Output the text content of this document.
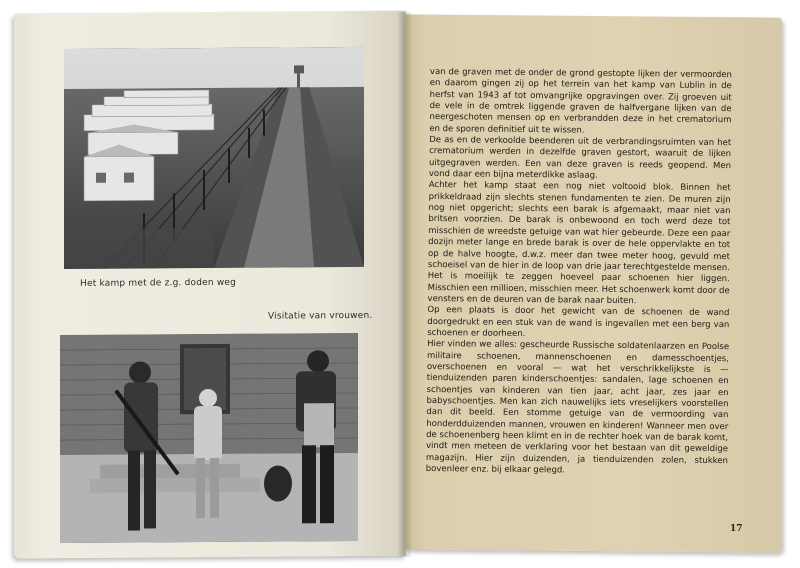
Het kamp met de z.g. doden weg
Visitatie van vrouwen.

van de graven met de onder de grond gestopte lijken der vermoorden en daarom gingen zij op het terrein van het kamp van Lublin in de herfst van 1943 af tot omvangrijke opgravingen over. Zij groeven uit de vele in de omtrek liggende graven de halfvergane lijken van de neergeschoten mensen op en verbrandden deze in het crematorium en de sporen definitief uit te wissen.

De as en de verkoolde beenderen uit de verbrandingsruimten van het crematorium werden in dezelfde graven gestort, waaruit de lijken uitgegraven werden. Een van deze graven is reeds geopend. Men vond daar een bijna meterdikke aslaag.

Achter het kamp staat een nog niet voltooid blok. Binnen het prikkeldraad zijn slechts stenen fundamenten te zien. De muren zijn nog niet opgericht; slechts een barak is afgemaakt, maar niet van britsen voorzien. De barak is onbewoond en toch werd deze tot misschien de wreedste getuige van wat hier gebeurde. Deze een paar dozijn meter lange en brede barak is over de hele oppervlakte en tot op de halve hoogte, d.w.z. meer dan twee meter hoog, gevuld met schoeisel van de hier in de loop van drie jaar terechtgestelde mensen. Het is moeilijk te zeggen hoeveel paar schoenen hier liggen. Misschien een millioen, misschien meer. Het schoenwerk komt door de vensters en de deuren van de barak naar buiten.

Op een plaats is door het gewicht van de schoenen de wand doorgedrukt en een stuk van de wand is ingevallen met een berg van schoenen er doorheen.

Hier vinden we alles: gescheurde Russische soldatenlaarzen en Poolse militaire schoenen, mannenschoenen en damesschoentjes, overschoenen en vooral — wat het verschrikkelijkste is — tienduizenden paren kinderschoentjes: sandalen, lage schoenen en schoentjes van kinderen van tien jaar, acht jaar, zes jaar en babyschoentjes. Men kan zich nauwelijks iets vreselijkers voorstellen dan dit beeld. Een stomme getuige van de vermoording van honderdduizenden mannen, vrouwen en kinderen! Wanneer men over de schoenenberg heen klimt en in de rechter hoek van de barak komt, vindt men meteen de verklaring voor het bestaan van dit geweldige magazijn. Hier zijn duizenden, ja tienduizenden zolen, stukken bovenleer enz. bij elkaar gelegd.

17
